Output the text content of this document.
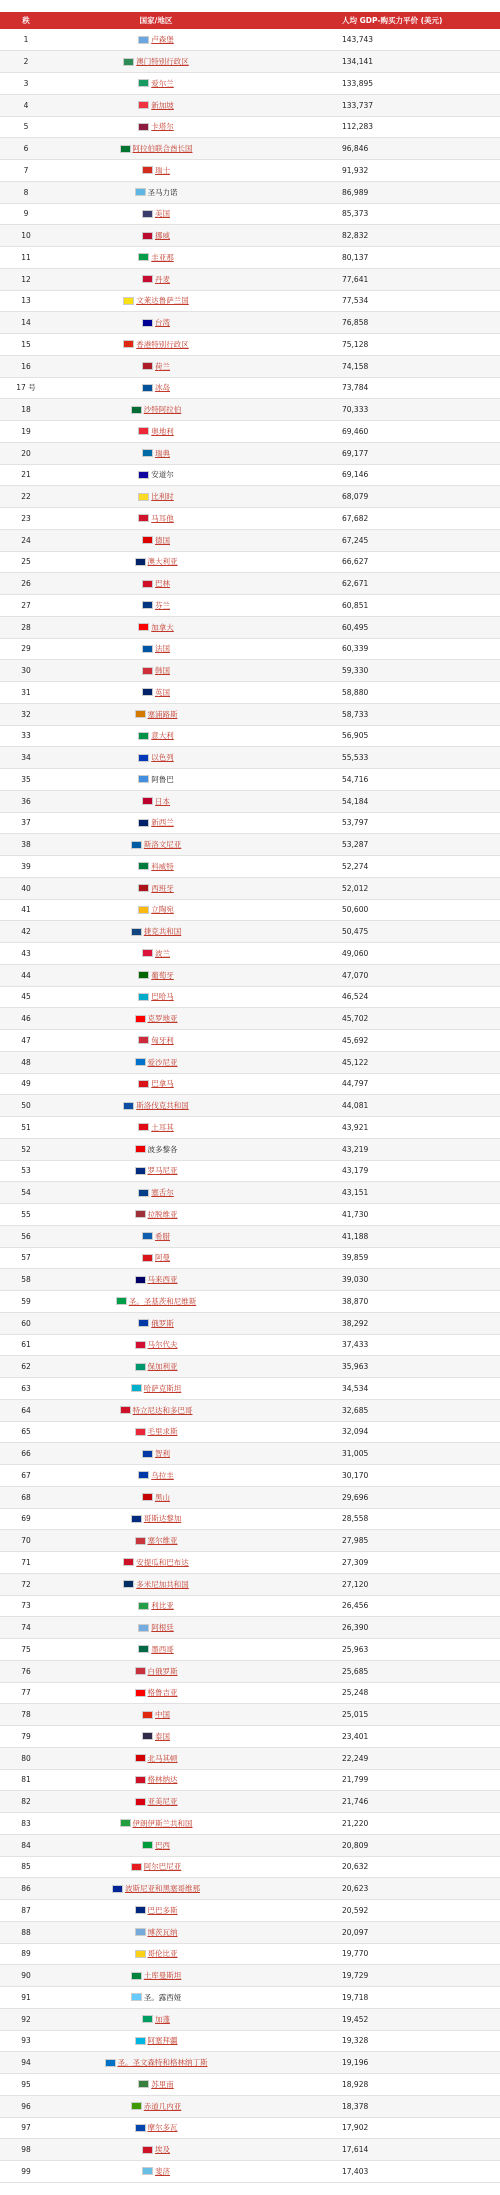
秩	国家/地区	人均 GDP-购买力平价 (美元)
1	卢森堡	143,743
2	澳门特别行政区	134,141
3	爱尔兰	133,895
4	新加坡	133,737
5	卡塔尔	112,283
6	阿拉伯联合酋长国	96,846
7	瑞士	91,932
8	圣马力诺	86,989
9	美国	85,373
10	挪威	82,832
11	圭亚那	80,137
12	丹麦	77,641
13	文莱达鲁萨兰国	77,534
14	台湾	76,858
15	香港特别行政区	75,128
16	荷兰	74,158
17 号	冰岛	73,784
18	沙特阿拉伯	70,333
19	奥地利	69,460
20	瑞典	69,177
21	安道尔	69,146
22	比利时	68,079
23	马耳他	67,682
24	德国	67,245
25	澳大利亚	66,627
26	巴林	62,671
27	芬兰	60,851
28	加拿大	60,495
29	法国	60,339
30	韩国	59,330
31	英国	58,880
32	塞浦路斯	58,733
33	意大利	56,905
34	以色列	55,533
35	阿鲁巴	54,716
36	日本	54,184
37	新西兰	53,797
38	斯洛文尼亚	53,287
39	科威特	52,274
40	西班牙	52,012
41	立陶宛	50,600
42	捷克共和国	50,475
43	波兰	49,060
44	葡萄牙	47,070
45	巴哈马	46,524
46	克罗地亚	45,702
47	匈牙利	45,692
48	爱沙尼亚	45,122
49	巴拿马	44,797
50	斯洛伐克共和国	44,081
51	土耳其	43,921
52	波多黎各	43,219
53	罗马尼亚	43,179
54	塞舌尔	43,151
55	拉脱维亚	41,730
56	希腊	41,188
57	阿曼	39,859
58	马来西亚	39,030
59	圣。圣基茨和尼维斯	38,870
60	俄罗斯	38,292
61	马尔代夫	37,433
62	保加利亚	35,963
63	哈萨克斯坦	34,534
64	特立尼达和多巴哥	32,685
65	毛里求斯	32,094
66	智利	31,005
67	乌拉圭	30,170
68	黑山	29,696
69	哥斯达黎加	28,558
70	塞尔维亚	27,985
71	安提瓜和巴布达	27,309
72	多米尼加共和国	27,120
73	利比亚	26,456
74	阿根廷	26,390
75	墨西哥	25,963
76	白俄罗斯	25,685
77	格鲁吉亚	25,248
78	中国	25,015
79	泰国	23,401
80	北马其顿	22,249
81	格林纳达	21,799
82	亚美尼亚	21,746
83	伊朗伊斯兰共和国	21,220
84	巴西	20,809
85	阿尔巴尼亚	20,632
86	波斯尼亚和黑塞哥维那	20,623
87	巴巴多斯	20,592
88	博茨瓦纳	20,097
89	哥伦比亚	19,770
90	土库曼斯坦	19,729
91	圣。露西娅	19,718
92	加蓬	19,452
93	阿塞拜疆	19,328
94	圣。圣文森特和格林纳丁斯	19,196
95	苏里南	18,928
96	赤道几内亚	18,378
97	摩尔多瓦	17,902
98	埃及	17,614
99	斐济	17,403
